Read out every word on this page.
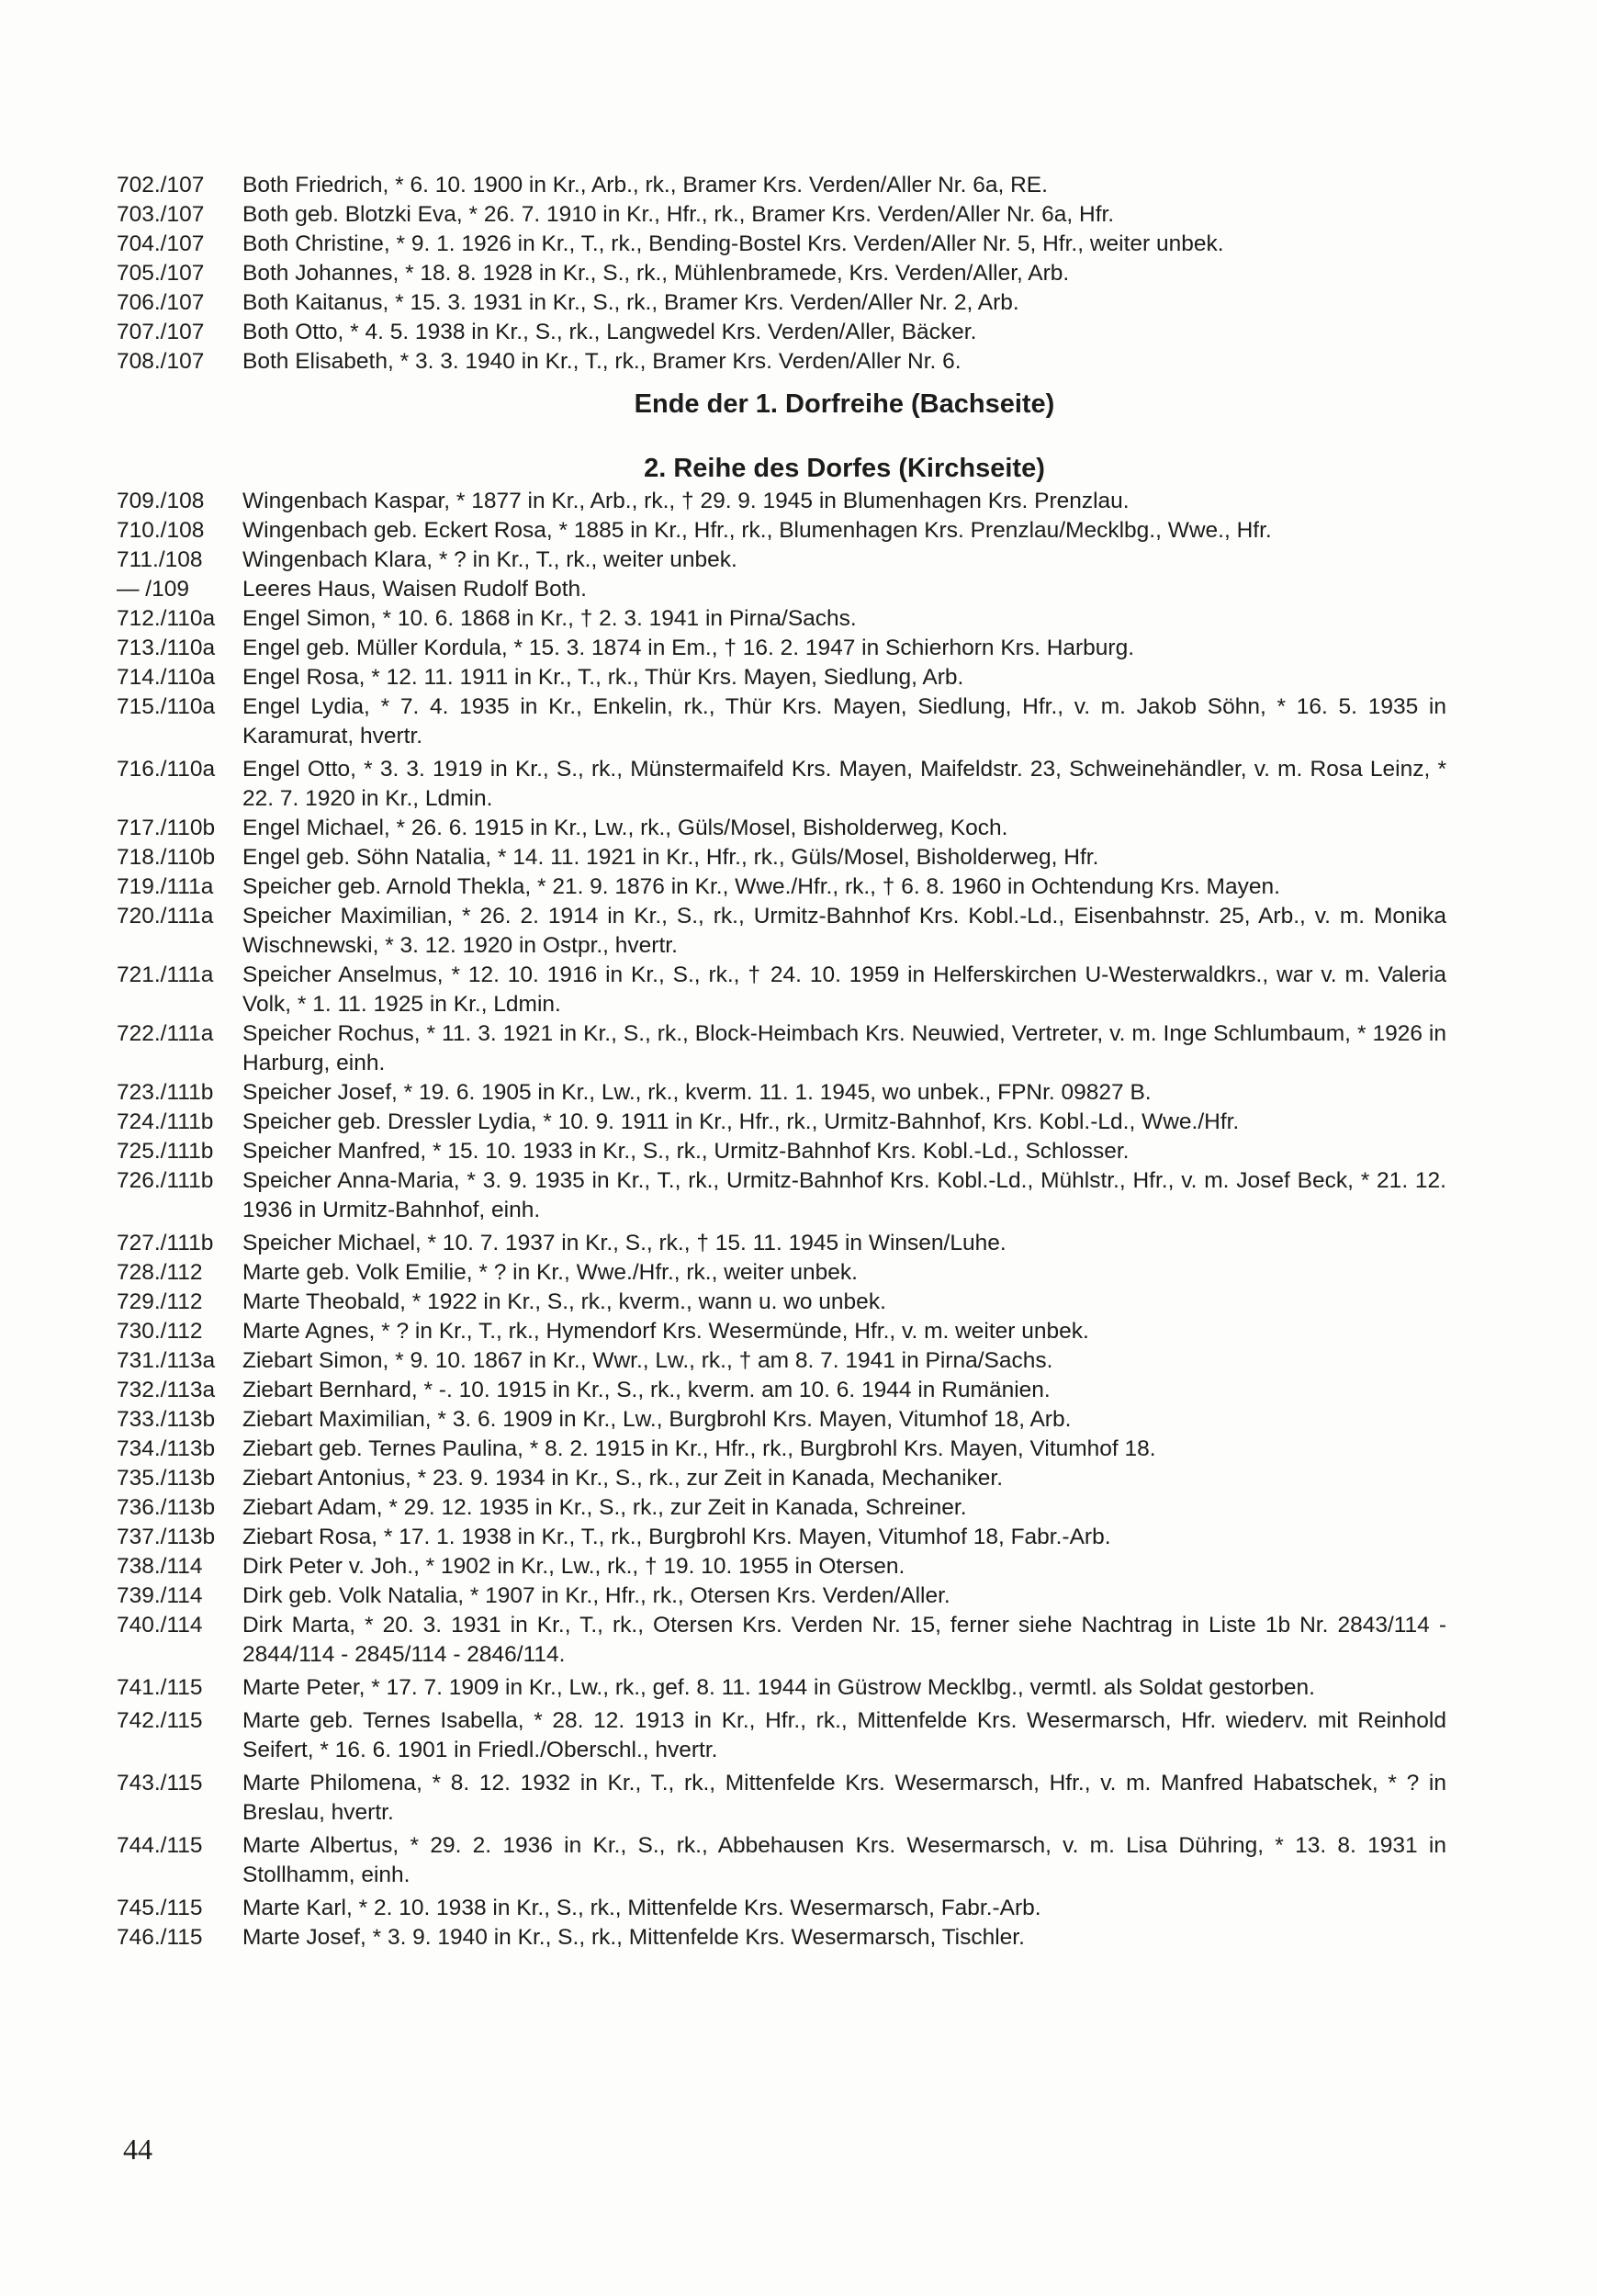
702./107	Both Friedrich, * 6. 10. 1900 in Kr., Arb., rk., Bramer Krs. Verden/Aller Nr. 6a, RE.
703./107	Both geb. Blotzki Eva, * 26. 7. 1910 in Kr., Hfr., rk., Bramer Krs. Verden/Aller Nr. 6a, Hfr.
704./107	Both Christine, * 9. 1. 1926 in Kr., T., rk., Bending-Bostel Krs. Verden/Aller Nr. 5, Hfr., weiter unbek.
705./107	Both Johannes, * 18. 8. 1928 in Kr., S., rk., Mühlenbramede, Krs. Verden/Aller, Arb.
706./107	Both Kaitanus, * 15. 3. 1931 in Kr., S., rk., Bramer Krs. Verden/Aller Nr. 2, Arb.
707./107	Both Otto, * 4. 5. 1938 in Kr., S., rk., Langwedel Krs. Verden/Aller, Bäcker.
708./107	Both Elisabeth, * 3. 3. 1940 in Kr., T., rk., Bramer Krs. Verden/Aller Nr. 6.
Ende der 1. Dorfreihe (Bachseite)
2. Reihe des Dorfes (Kirchseite)
709./108	Wingenbach Kaspar, * 1877 in Kr., Arb., rk., † 29. 9. 1945 in Blumenhagen Krs. Prenzlau.
710./108	Wingenbach geb. Eckert Rosa, * 1885 in Kr., Hfr., rk., Blumenhagen Krs. Prenzlau/Mecklbg., Wwe., Hfr.
711./108	Wingenbach Klara, * ? in Kr., T., rk., weiter unbek.
— /109	Leeres Haus, Waisen Rudolf Both.
712./110a	Engel Simon, * 10. 6. 1868 in Kr., † 2. 3. 1941 in Pirna/Sachs.
713./110a	Engel geb. Müller Kordula, * 15. 3. 1874 in Em., † 16. 2. 1947 in Schierhorn Krs. Harburg.
714./110a	Engel Rosa, * 12. 11. 1911 in Kr., T., rk., Thür Krs. Mayen, Siedlung, Arb.
715./110a	Engel Lydia, * 7. 4. 1935 in Kr., Enkelin, rk., Thür Krs. Mayen, Siedlung, Hfr., v. m. Jakob Söhn, * 16. 5. 1935 in Karamurat, hvertr.
716./110a	Engel Otto, * 3. 3. 1919 in Kr., S., rk., Münstermaifeld Krs. Mayen, Maifeldstr. 23, Schweinehändler, v. m. Rosa Leinz, * 22. 7. 1920 in Kr., Ldmin.
717./110b	Engel Michael, * 26. 6. 1915 in Kr., Lw., rk., Güls/Mosel, Bisholderweg, Koch.
718./110b	Engel geb. Söhn Natalia, * 14. 11. 1921 in Kr., Hfr., rk., Güls/Mosel, Bisholderweg, Hfr.
719./111a	Speicher geb. Arnold Thekla, * 21. 9. 1876 in Kr., Wwe./Hfr., rk., † 6. 8. 1960 in Ochtendung Krs. Mayen.
720./111a	Speicher Maximilian, * 26. 2. 1914 in Kr., S., rk., Urmitz-Bahnhof Krs. Kobl.-Ld., Eisenbahnstr. 25, Arb., v. m. Monika Wischnewski, * 3. 12. 1920 in Ostpr., hvertr.
721./111a	Speicher Anselmus, * 12. 10. 1916 in Kr., S., rk., † 24. 10. 1959 in Helferskirchen U-Westerwaldkrs., war v. m. Valeria Volk, * 1. 11. 1925 in Kr., Ldmin.
722./111a	Speicher Rochus, * 11. 3. 1921 in Kr., S., rk., Block-Heimbach Krs. Neuwied, Vertreter, v. m. Inge Schlumbaum, * 1926 in Harburg, einh.
723./111b	Speicher Josef, * 19. 6. 1905 in Kr., Lw., rk., kverm. 11. 1. 1945, wo unbek., FPNr. 09827 B.
724./111b	Speicher geb. Dressler Lydia, * 10. 9. 1911 in Kr., Hfr., rk., Urmitz-Bahnhof, Krs. Kobl.-Ld., Wwe./Hfr.
725./111b	Speicher Manfred, * 15. 10. 1933 in Kr., S., rk., Urmitz-Bahnhof Krs. Kobl.-Ld., Schlosser.
726./111b	Speicher Anna-Maria, * 3. 9. 1935 in Kr., T., rk., Urmitz-Bahnhof Krs. Kobl.-Ld., Mühlstr., Hfr., v. m. Josef Beck, * 21. 12. 1936 in Urmitz-Bahnhof, einh.
727./111b	Speicher Michael, * 10. 7. 1937 in Kr., S., rk., † 15. 11. 1945 in Winsen/Luhe.
728./112	Marte geb. Volk Emilie, * ? in Kr., Wwe./Hfr., rk., weiter unbek.
729./112	Marte Theobald, * 1922 in Kr., S., rk., kverm., wann u. wo unbek.
730./112	Marte Agnes, * ? in Kr., T., rk., Hymendorf Krs. Wesermünde, Hfr., v. m. weiter unbek.
731./113a	Ziebart Simon, * 9. 10. 1867 in Kr., Wwr., Lw., rk., † am 8. 7. 1941 in Pirna/Sachs.
732./113a	Ziebart Bernhard, * -. 10. 1915 in Kr., S., rk., kverm. am 10. 6. 1944 in Rumänien.
733./113b	Ziebart Maximilian, * 3. 6. 1909 in Kr., Lw., Burgbrohl Krs. Mayen, Vitumhof 18, Arb.
734./113b	Ziebart geb. Ternes Paulina, * 8. 2. 1915 in Kr., Hfr., rk., Burgbrohl Krs. Mayen, Vitumhof 18.
735./113b	Ziebart Antonius, * 23. 9. 1934 in Kr., S., rk., zur Zeit in Kanada, Mechaniker.
736./113b	Ziebart Adam, * 29. 12. 1935 in Kr., S., rk., zur Zeit in Kanada, Schreiner.
737./113b	Ziebart Rosa, * 17. 1. 1938 in Kr., T., rk., Burgbrohl Krs. Mayen, Vitumhof 18, Fabr.-Arb.
738./114	Dirk Peter v. Joh., * 1902 in Kr., Lw., rk., † 19. 10. 1955 in Otersen.
739./114	Dirk geb. Volk Natalia, * 1907 in Kr., Hfr., rk., Otersen Krs. Verden/Aller.
740./114	Dirk Marta, * 20. 3. 1931 in Kr., T., rk., Otersen Krs. Verden Nr. 15, ferner siehe Nachtrag in Liste 1b Nr. 2843/114 - 2844/114 - 2845/114 - 2846/114.
741./115	Marte Peter, * 17. 7. 1909 in Kr., Lw., rk., gef. 8. 11. 1944 in Güstrow Mecklbg., vermtl. als Soldat gestorben.
742./115	Marte geb. Ternes Isabella, * 28. 12. 1913 in Kr., Hfr., rk., Mittenfelde Krs. Wesermarsch, Hfr. wiederv. mit Reinhold Seifert, * 16. 6. 1901 in Friedl./Oberschl., hvertr.
743./115	Marte Philomena, * 8. 12. 1932 in Kr., T., rk., Mittenfelde Krs. Wesermarsch, Hfr., v. m. Manfred Habatschek, * ? in Breslau, hvertr.
744./115	Marte Albertus, * 29. 2. 1936 in Kr., S., rk., Abbehausen Krs. Wesermarsch, v. m. Lisa Dühring, * 13. 8. 1931 in Stollhamm, einh.
745./115	Marte Karl, * 2. 10. 1938 in Kr., S., rk., Mittenfelde Krs. Wesermarsch, Fabr.-Arb.
746./115	Marte Josef, * 3. 9. 1940 in Kr., S., rk., Mittenfelde Krs. Wesermarsch, Tischler.
44
